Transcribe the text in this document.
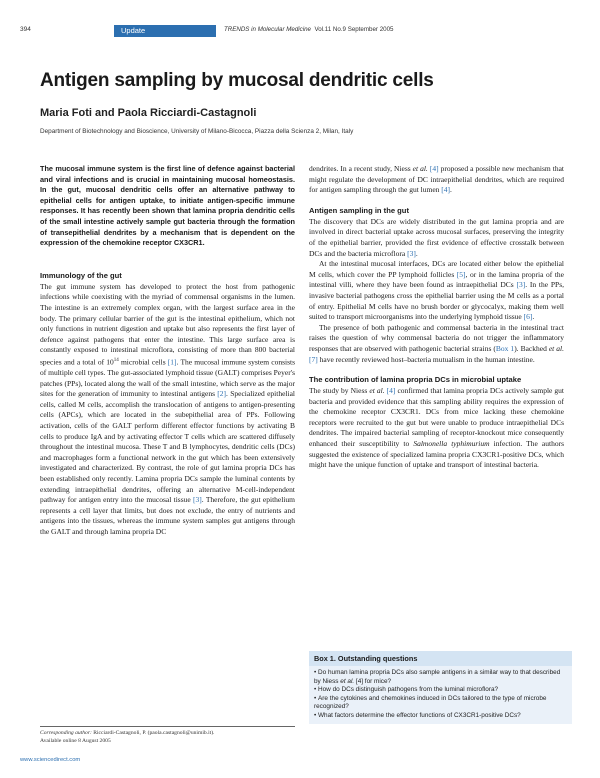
394	Update	TRENDS in Molecular Medicine Vol.11 No.9 September 2005
Antigen sampling by mucosal dendritic cells
Maria Foti and Paola Ricciardi-Castagnoli
Department of Biotechnology and Bioscience, University of Milano-Bicocca, Piazza della Scienza 2, Milan, Italy

The mucosal immune system is the first line of defence against bacterial and viral infections and is crucial in maintaining mucosal homeostasis. In the gut, mucosal dendritic cells offer an alternative pathway to epithelial cells for antigen uptake, to initiate antigen-specific immune responses. It has recently been shown that lamina propria dendritic cells of the small intestine actively sample gut bacteria through the formation of transepithelial dendrites by a mechanism that is dependent on the expression of the chemokine receptor CX3CR1.

Immunology of the gut

The gut immune system has developed to protect the host from pathogenic infections while coexisting with the myriad of commensal organisms in the lumen. The intestine is an extremely complex organ, with the largest surface area in the body. The primary cellular barrier of the gut is the intestinal epithelium, which not only functions in nutrient digestion and uptake but also represents the first layer of defence against pathogens that enter the intestine. This large surface area is constantly exposed to intestinal microflora, consisting of more than 800 bacterial species and a total of $10^{14}$ microbial cells [1]. The mucosal immune system consists of multiple cell types. The gut-associated lymphoid tissue (GALT) comprises Peyer's patches (PPs), located along the wall of the small intestine, which serve as the major sites for the generation of immunity to intestinal antigens [2]. Specialized epithelial cells, called M cells, accomplish the translocation of antigens to antigen-presenting cells (APCs), which are located in the subepithelial area of PPs. Following activation, cells of the GALT perform different effector functions by activating B cells to produce IgA and by activating effector T cells which are scattered diffusely throughout the intestinal mucosa. These T and B lymphocytes, dendritic cells (DCs) and macrophages form a functional network in the gut which has been extensively investigated and characterized. By contrast, the role of gut lamina propria DCs has been established only recently. Lamina propria DCs sample the luminal contents by extending intraepithelial dendrites, offering an alternative M-cell-independent pathway for antigen entry into the mucosal tissue [3]. Therefore, the gut epithelium represents a cell layer that limits, but does not exclude, the entry of nutrients and antigens into the tissues, whereas the immune system samples gut antigens through the GALT and through lamina propria DC

Corresponding author: Ricciardi-Castagnoli, P. (paola.castagnoli@unimib.it).
Available online 8 August 2005
www.sciencedirect.com

dendrites. In a recent study, Niess et al. [4] proposed a possible new mechanism that might regulate the development of DC intraepithelial dendrites, which are required for antigen sampling through the gut lumen [4].

Antigen sampling in the gut

The discovery that DCs are widely distributed in the gut lamina propria and are involved in direct bacterial uptake across mucosal surfaces, preserving the integrity of the epithelial barrier, provided the first evidence of effective crosstalk between DCs and the bacteria microflora [3].

At the intestinal mucosal interfaces, DCs are located either below the epithelial M cells, which cover the PP lymphoid follicles [5], or in the lamina propria of the intestinal villi, where they have been found as intraepithelial DCs [3]. In the PPs, invasive bacterial pathogens cross the epithelial barrier using the M cells as a portal of entry. Epithelial M cells have no brush border or glycocalyx, making them well suited to transport microorganisms into the underlying lymphoid tissue [6].

The presence of both pathogenic and commensal bacteria in the intestinal tract raises the question of why commensal bacteria do not trigger the inflammatory responses that are observed with pathogenic bacterial strains (Box 1). Backhed et al. [7] have recently reviewed host–bacteria mutualism in the human intestine.

The contribution of lamina propria DCs in microbial uptake

The study by Niess et al. [4] confirmed that lamina propria DCs actively sample gut bacteria and provided evidence that this sampling ability requires the expression of the chemokine receptor CX3CR1. DCs from mice lacking these chemokine receptors were recruited to the gut but were unable to produce intraepithelial DCs dendrites. The impaired bacterial sampling of receptor-knockout mice consequently enhanced their susceptibility to Salmonella typhimurium infection. The authors suggested the existence of specialized lamina propria CX3CR1-positive DCs, which might have the unique function of uptake and transport of intestinal bacteria.

Box 1. Outstanding questions
• Do human lamina propria DCs also sample antigens in a similar way to that described by Niess et al. [4] for mice?
• How do DCs distinguish pathogens from the luminal microflora?
• Are the cytokines and chemokines induced in DCs tailored to the type of microbe recognized?
• What factors determine the effector functions of CX3CR1-positive DCs?
